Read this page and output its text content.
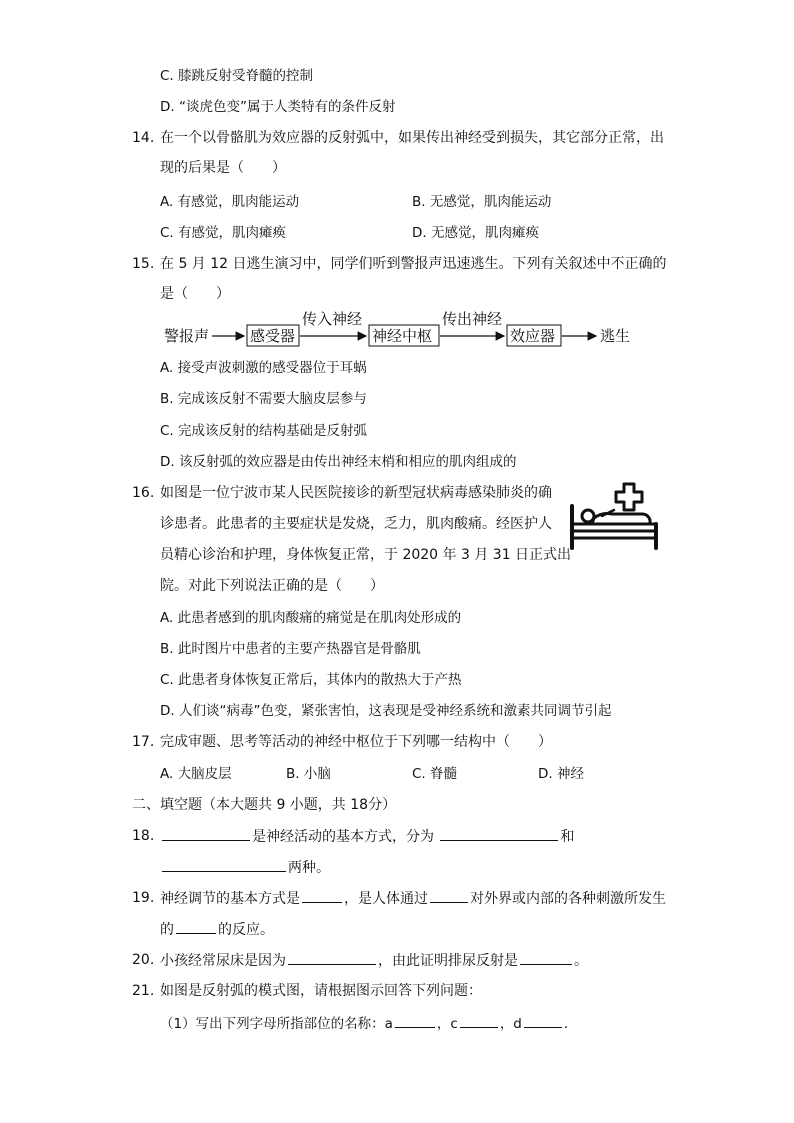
C. 膝跳反射受脊髓的控制
D. “谈虎色变”属于人类特有的条件反射
14. 在一个以骨骼肌为效应器的反射弧中，如果传出神经受到损失，其它部分正常，出
现的后果是（　　）
A. 有感觉，肌肉能运动	B. 无感觉，肌肉能运动
C. 有感觉，肌肉瘫痪	D. 无感觉，肌肉瘫痪
15. 在 5 月 12 日逃生演习中，同学们听到警报声迅速逃生。下列有关叙述中不正确的
是（　　）
警报声	感受器
传入神经
神经中枢
传出神经
效应器	逃生
A. 接受声波刺激的感受器位于耳蜗
B. 完成该反射不需要大脑皮层参与
C. 完成该反射的结构基础是反射弧
D. 该反射弧的效应器是由传出神经末梢和相应的肌肉组成的
16. 如图是一位宁波市某人民医院接诊的新型冠状病毒感染肺炎的确
诊患者。此患者的主要症状是发烧，乏力，肌肉酸痛。经医护人
员精心诊治和护理，身体恢复正常，于 2020 年 3 月 31 日正式出
院。对此下列说法正确的是（　　）
A. 此患者感到的肌肉酸痛的痛觉是在肌肉处形成的
B. 此时图片中患者的主要产热器官是骨骼肌
C. 此患者身体恢复正常后，其体内的散热大于产热
D. 人们谈“病毒”色变，紧张害怕，这表现是受神经系统和激素共同调节引起
17. 完成审题、思考等活动的神经中枢位于下列哪一结构中（　　）
A. 大脑皮层	B. 小脑	C. 脊髓	D. 神经
二、填空题（本大题共 9 小题，共 18分）
18.	是神经活动的基本方式，分为	和
两种。
19. 神经调节的基本方式是	，是人体通过	对外界或内部的各种刺激所发生
的	的反应。
20. 小孩经常尿床是因为	，由此证明排尿反射是	。
21. 如图是反射弧的模式图，请根据图示回答下列问题：
（1）写出下列字母所指部位的名称：a	，c	，d	.
